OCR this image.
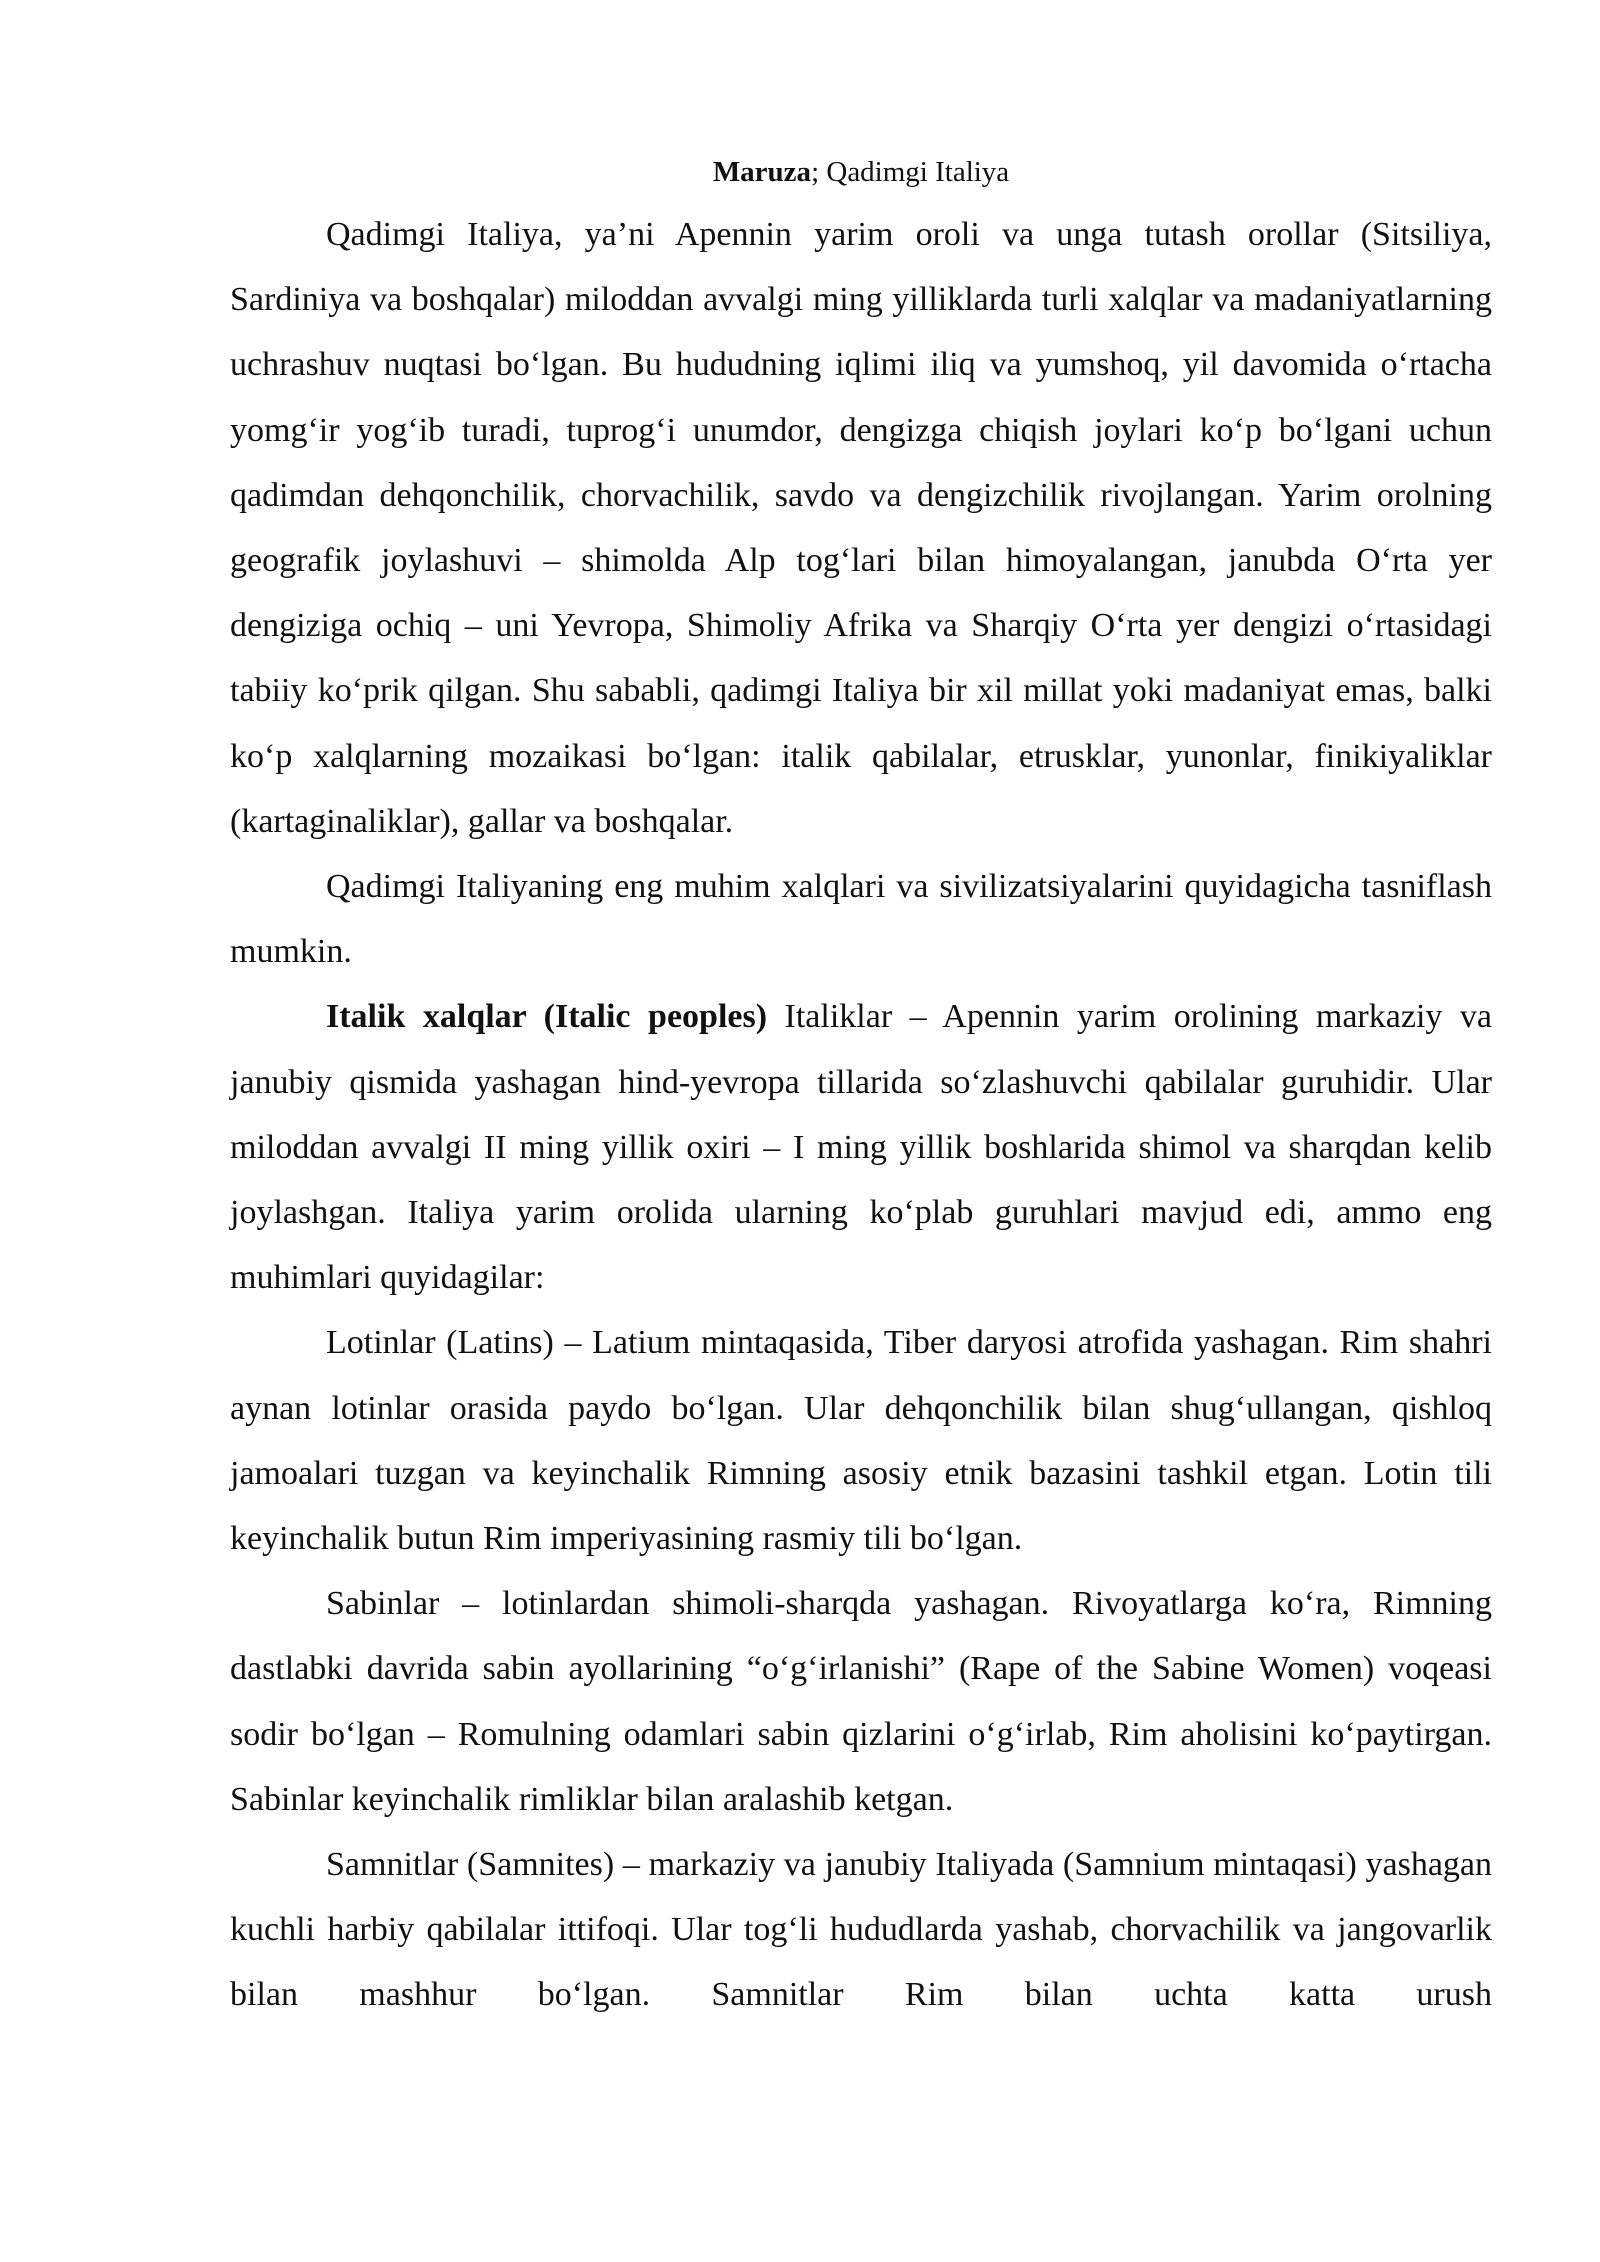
Maruza; Qadimgi Italiya

Qadimgi Italiya, ya’ni Apennin yarim oroli va unga tutash orollar (Sitsiliya, Sardiniya va boshqalar) miloddan avvalgi ming yilliklarda turli xalqlar va madaniyatlarning uchrashuv nuqtasi bo‘lgan. Bu hududning iqlimi iliq va yumshoq, yil davomida o‘rtacha yomg‘ir yog‘ib turadi, tuprog‘i unumdor, dengizga chiqish joylari ko‘p bo‘lgani uchun qadimdan dehqonchilik, chorvachilik, savdo va dengizchilik rivojlangan. Yarim orolning geografik joylashuvi – shimolda Alp tog‘lari bilan himoyalangan, janubda O‘rta yer dengiziga ochiq – uni Yevropa, Shimoliy Afrika va Sharqiy O‘rta yer dengizi o‘rtasidagi tabiiy ko‘prik qilgan. Shu sababli, qadimgi Italiya bir xil millat yoki madaniyat emas, balki ko‘p xalqlarning mozaikasi bo‘lgan: italik qabilalar, etrusklar, yunonlar, finikiyaliklar (kartaginaliklar), gallar va boshqalar.

Qadimgi Italiyaning eng muhim xalqlari va sivilizatsiyalarini quyidagicha tasniflash mumkin.

Italik xalqlar (Italic peoples) Italiklar – Apennin yarim orolining markaziy va janubiy qismida yashagan hind-yevropa tillarida so‘zlashuvchi qabilalar guruhidir. Ular miloddan avvalgi II ming yillik oxiri – I ming yillik boshlarida shimol va sharqdan kelib joylashgan. Italiya yarim orolida ularning ko‘plab guruhlari mavjud edi, ammo eng muhimlari quyidagilar:

Lotinlar (Latins) – Latium mintaqasida, Tiber daryosi atrofida yashagan. Rim shahri aynan lotinlar orasida paydo bo‘lgan. Ular dehqonchilik bilan shug‘ullangan, qishloq jamoalari tuzgan va keyinchalik Rimning asosiy etnik bazasini tashkil etgan. Lotin tili keyinchalik butun Rim imperiyasining rasmiy tili bo‘lgan.

Sabinlar – lotinlardan shimoli-sharqda yashagan. Rivoyatlarga ko‘ra, Rimning dastlabki davrida sabin ayollarining “o‘g‘irlanishi” (Rape of the Sabine Women) voqeasi sodir bo‘lgan – Romulning odamlari sabin qizlarini o‘g‘irlab, Rim aholisini ko‘paytirgan. Sabinlar keyinchalik rimliklar bilan aralashib ketgan.

Samnitlar (Samnites) – markaziy va janubiy Italiyada (Samnium mintaqasi) yashagan kuchli harbiy qabilalar ittifoqi. Ular tog‘li hududlarda yashab, chorvachilik va jangovarlik bilan mashhur bo‘lgan. Samnitlar Rim bilan uchta katta urush
